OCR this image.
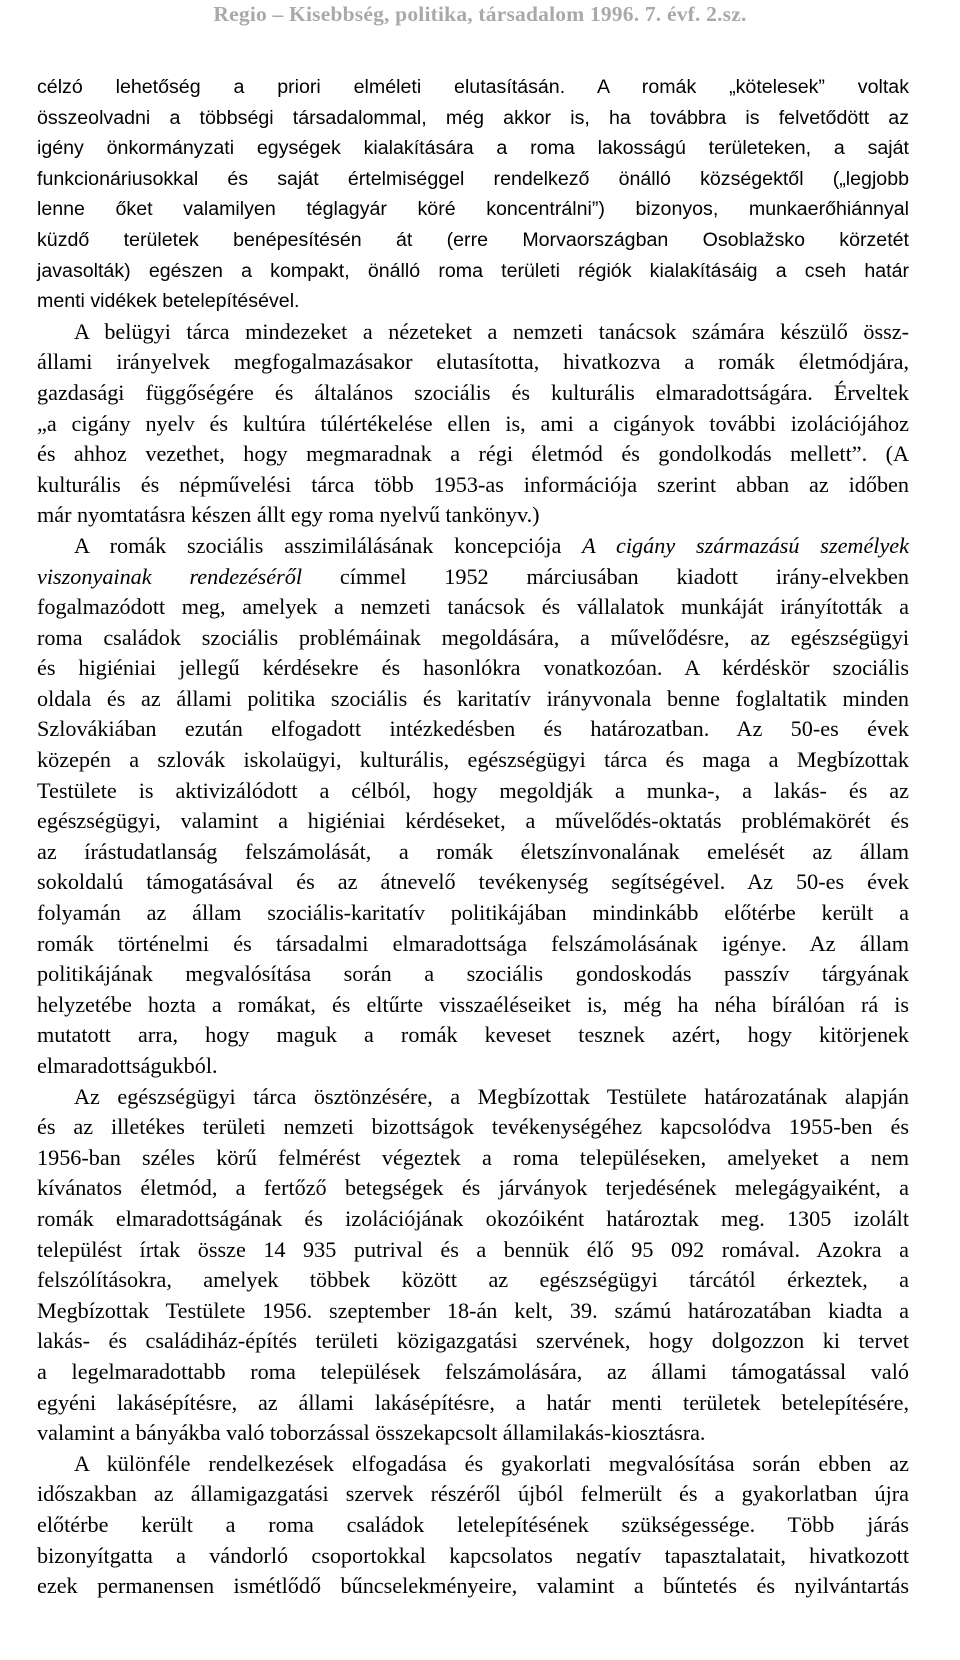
Regio – Kisebbség, politika, társadalom 1996. 7. évf. 2.sz.
célzó lehetőség a priori elméleti elutasításán. A romák „kötelesek” voltak
összeolvadni a többségi társadalommal, még akkor is, ha továbbra is felvetődött az
igény önkormányzati egységek kialakítására a roma lakosságú területeken, a saját
funkcionáriusokkal és saját értelmiséggel rendelkező önálló községektől („legjobb
lenne őket valamilyen téglagyár köré koncentrálni”) bizonyos, munkaerőhiánnyal
küzdő területek benépesítésén át (erre Morvaországban Osoblažsko körzetét
javasolták) egészen a kompakt, önálló roma területi régiók kialakításáig a cseh határ
menti vidékek betelepítésével.
A belügyi tárca mindezeket a nézeteket a nemzeti tanácsok számára készülő össz-
állami irányelvek megfogalmazásakor elutasította, hivatkozva a romák életmódjára,
gazdasági függőségére és általános szociális és kulturális elmaradottságára. Érveltek
„a cigány nyelv és kultúra túlértékelése ellen is, ami a cigányok további izolációjához
és ahhoz vezethet, hogy megmaradnak a régi életmód és gondolkodás mellett”. (A
kulturális és népművelési tárca több 1953-as információja szerint abban az időben
már nyomtatásra készen állt egy roma nyelvű tankönyv.)
A romák szociális asszimilálásának koncepciója A cigány származású személyek
viszonyainak rendezéséről címmel 1952 márciusában kiadott irány-elvekben
fogalmazódott meg, amelyek a nemzeti tanácsok és vállalatok munkáját irányították a
roma családok szociális problémáinak megoldására, a művelődésre, az egészségügyi
és higiéniai jellegű kérdésekre és hasonlókra vonatkozóan. A kérdéskör szociális
oldala és az állami politika szociális és karitatív irányvonala benne foglaltatik minden
Szlovákiában ezután elfogadott intézkedésben és határozatban. Az 50-es évek
közepén a szlovák iskolaügyi, kulturális, egészségügyi tárca és maga a Megbízottak
Testülete is aktivizálódott a célból, hogy megoldják a munka-, a lakás- és az
egészségügyi, valamint a higiéniai kérdéseket, a művelődés-oktatás problémakörét és
az írástudatlanság felszámolását, a romák életszínvonalának emelését az állam
sokoldalú támogatásával és az átnevelő tevékenység segítségével. Az 50-es évek
folyamán az állam szociális-karitatív politikájában mindinkább előtérbe került a
romák történelmi és társadalmi elmaradottsága felszámolásának igénye. Az állam
politikájának megvalósítása során a szociális gondoskodás passzív tárgyának
helyzetébe hozta a romákat, és eltűrte visszaéléseiket is, még ha néha bírálóan rá is
mutatott arra, hogy maguk a romák keveset tesznek azért, hogy kitörjenek
elmaradottságukból.
Az egészségügyi tárca ösztönzésére, a Megbízottak Testülete határozatának alapján
és az illetékes területi nemzeti bizottságok tevékenységéhez kapcsolódva 1955-ben és
1956-ban széles körű felmérést végeztek a roma településeken, amelyeket a nem
kívánatos életmód, a fertőző betegségek és járványok terjedésének melegágyaiként, a
romák elmaradottságának és izolációjának okozóiként határoztak meg. 1305 izolált
települést írtak össze 14 935 putrival és a bennük élő 95 092 romával. Azokra a
felszólításokra, amelyek többek között az egészségügyi tárcától érkeztek, a
Megbízottak Testülete 1956. szeptember 18-án kelt, 39. számú határozatában kiadta a
lakás- és családiház-építés területi közigazgatási szervének, hogy dolgozzon ki tervet
a legelmaradottabb roma települések felszámolására, az állami támogatással való
egyéni lakásépítésre, az állami lakásépítésre, a határ menti területek betelepítésére,
valamint a bányákba való toborzással összekapcsolt államilakás-kiosztásra.
A különféle rendelkezések elfogadása és gyakorlati megvalósítása során ebben az
időszakban az államigazgatási szervek részéről újból felmerült és a gyakorlatban újra
előtérbe került a roma családok letelepítésének szükségessége. Több járás
bizonyítgatta a vándorló csoportokkal kapcsolatos negatív tapasztalatait, hivatkozott
ezek permanensen ismétlődő bűncselekményeire, valamint a bűntetés és nyilvántartás
